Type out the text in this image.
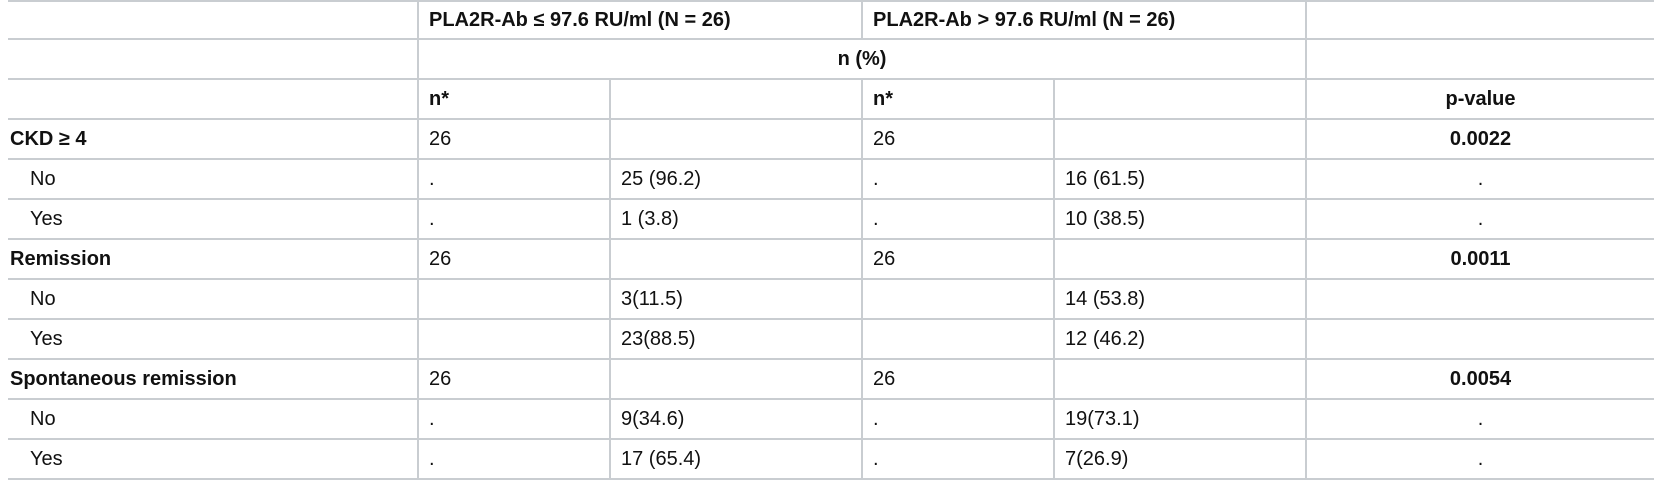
	PLA2R-Ab ≤ 97.6 RU/ml (N = 26)		PLA2R-Ab > 97.6 RU/ml (N = 26)		
	n (%)				
	n*		n*		p-value
CKD ≥ 4	26		26		0.0022
No	.	25 (96.2)	.	16 (61.5)	.
Yes	.	1 (3.8)	.	10 (38.5)	.
Remission	26		26		0.0011
No		3(11.5)		14 (53.8)	
Yes		23(88.5)		12 (46.2)	
Spontaneous remission	26		26		0.0054
No	.	9(34.6)	.	19(73.1)	.
Yes	.	17 (65.4)	.	7(26.9)	.
